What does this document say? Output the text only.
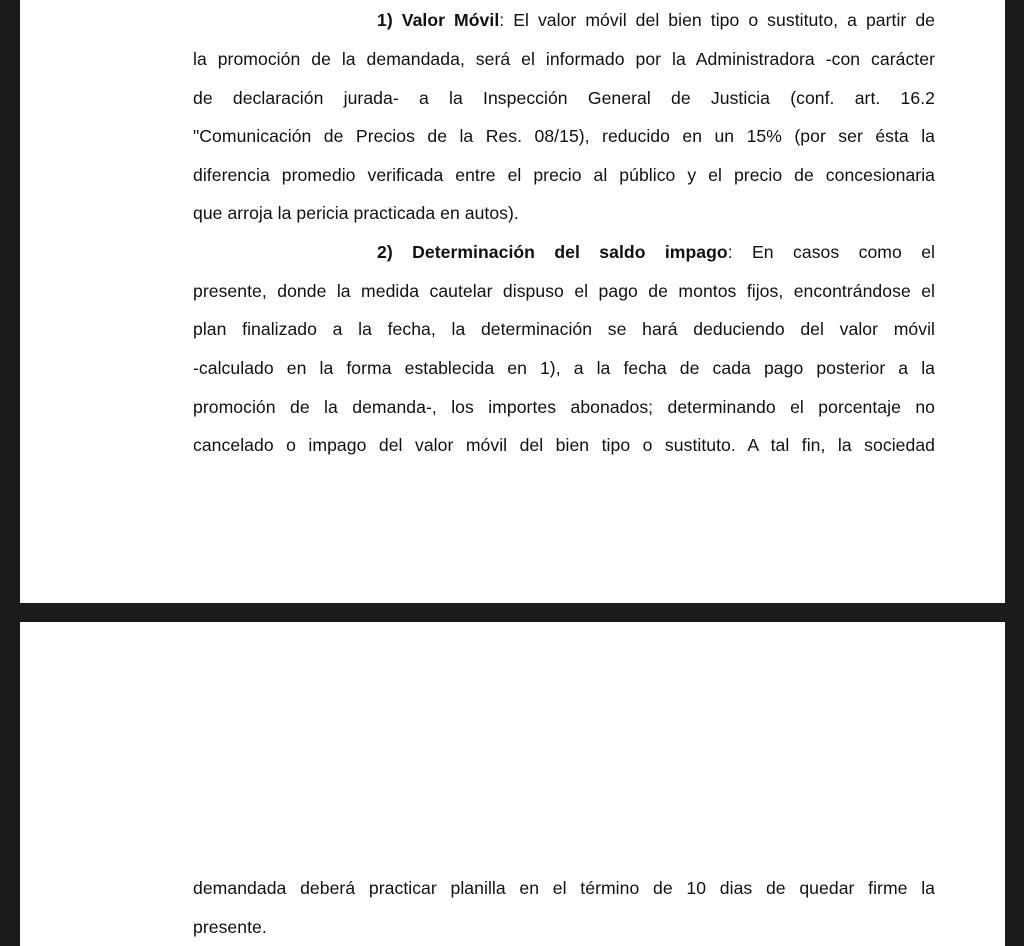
1) Valor Móvil: El valor móvil del bien tipo o sustituto, a partir de
la promoción de la demandada, será el informado por la Administradora -con carácter
de declaración jurada- a la Inspección General de Justicia (conf. art. 16.2
"Comunicación de Precios de la Res. 08/15), reducido en un 15% (por ser ésta la
diferencia promedio verificada entre el precio al público y el precio de concesionaria
que arroja la pericia practicada en autos).
2) Determinación del saldo impago: En casos como el
presente, donde la medida cautelar dispuso el pago de montos fijos, encontrándose el
plan finalizado a la fecha, la determinación se hará deduciendo del valor móvil
-calculado en la forma establecida en 1), a la fecha de cada pago posterior a la
promoción de la demanda-, los importes abonados; determinando el porcentaje no
cancelado o impago del valor móvil del bien tipo o sustituto. A tal fin, la sociedad
demandada deberá practicar planilla en el término de 10 dias de quedar firme la
presente.
